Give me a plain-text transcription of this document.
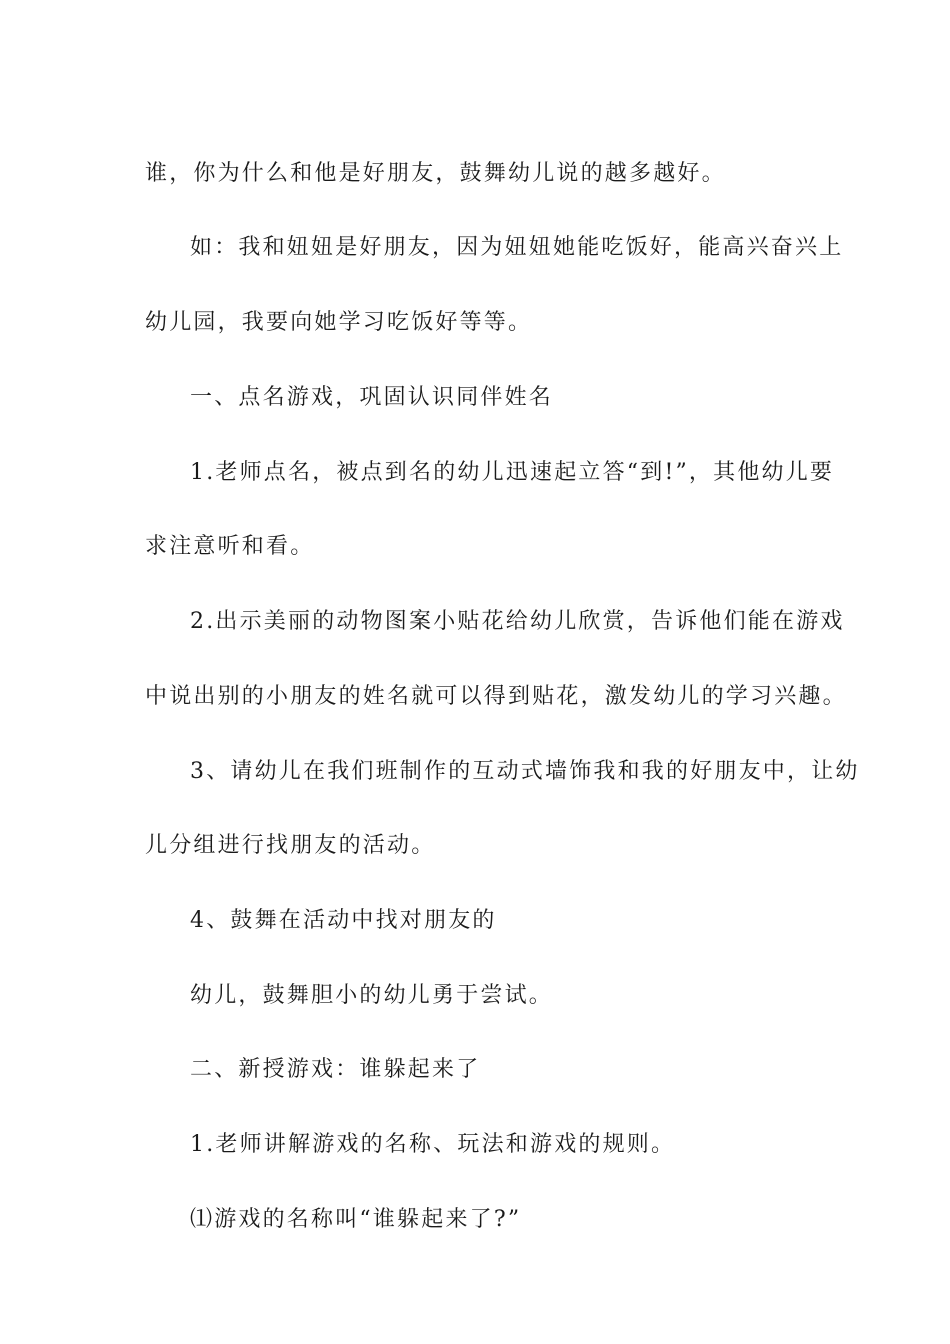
谁，你为什么和他是好朋友，鼓舞幼儿说的越多越好。

如：我和妞妞是好朋友，因为妞妞她能吃饭好，能高兴奋兴上

幼儿园，我要向她学习吃饭好等等。

一、点名游戏，巩固认识同伴姓名

1.老师点名，被点到名的幼儿迅速起立答“到!”，其他幼儿要

求注意听和看。

2.出示美丽的动物图案小贴花给幼儿欣赏，告诉他们能在游戏

中说出别的小朋友的姓名就可以得到贴花，激发幼儿的学习兴趣。

3、请幼儿在我们班制作的互动式墙饰我和我的好朋友中，让幼

儿分组进行找朋友的活动。

4、鼓舞在活动中找对朋友的

幼儿，鼓舞胆小的幼儿勇于尝试。

二、新授游戏：谁躲起来了

1.老师讲解游戏的名称、玩法和游戏的规则。

⑴游戏的名称叫“谁躲起来了?”
